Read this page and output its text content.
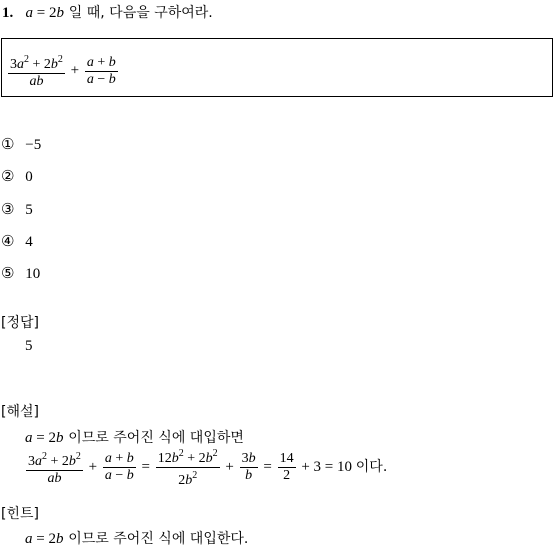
1. a = 2b 일 때, 다음을 구하여라.
$\frac{3a^2 + 2b^2}{ab} + \frac{a + b}{a - b}$
① −5
② 0
③ 5
④ 4
⑤ 10
[정답]
5
[해설]
a = 2b 이므로 주어진 식에 대입하면
$\frac{3a^2 + 2b^2}{ab} + \frac{a + b}{a - b} = \frac{12b^2 + 2b^2}{2b^2} + \frac{3b}{b} = \frac{14}{2} + 3 = 10$ 이다.
[힌트]
a = 2b 이므로 주어진 식에 대입한다.
